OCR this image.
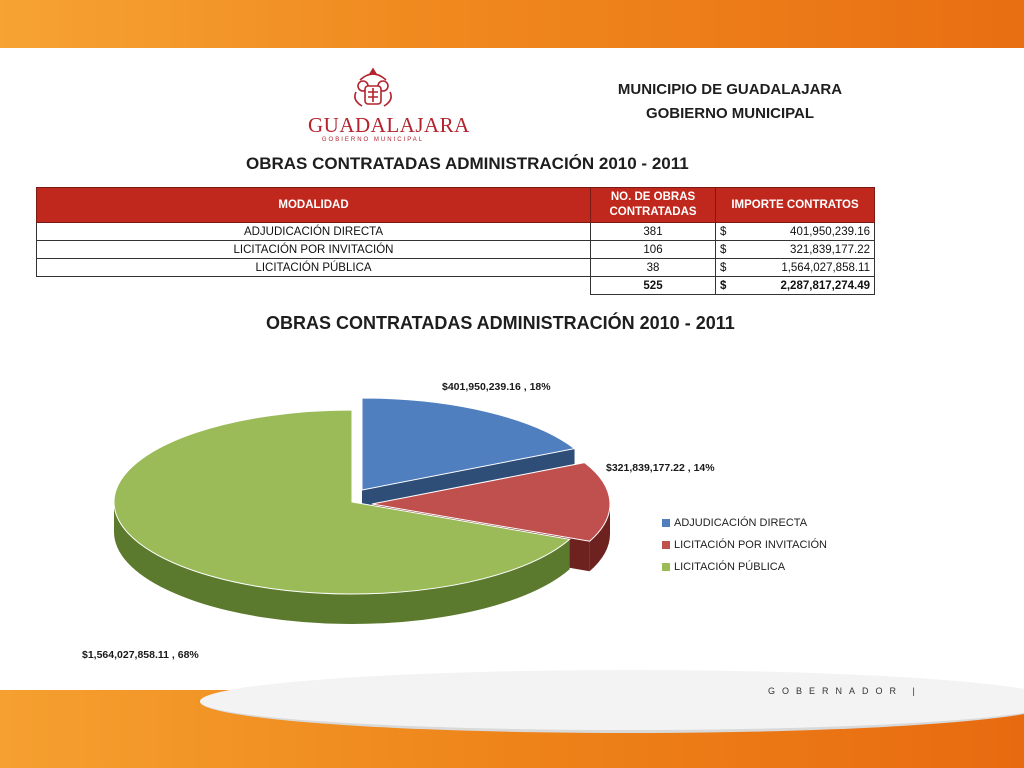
GOBERNADOR |
GUADALAJARA
GOBIERNO MUNICIPAL
MUNICIPIO DE GUADALAJARA
GOBIERNO MUNICIPAL
OBRAS CONTRATADAS ADMINISTRACIÓN 2010 - 2011
MODALIDAD	NO. DE OBRAS CONTRATADAS	IMPORTE CONTRATOS	
ADJUDICACIÓN DIRECTA	381	$	401,950,239.16
LICITACIÓN POR INVITACIÓN	106	$	321,839,177.22
LICITACIÓN PÚBLICA	38	$	1,564,027,858.11
	525	$	2,287,817,274.49
OBRAS CONTRATADAS ADMINISTRACIÓN 2010 - 2011
$401,950,239.16 , 18%
$321,839,177.22 , 14%
$1,564,027,858.11 , 68%
ADJUDICACIÓN DIRECTA
LICITACIÓN POR INVITACIÓN
LICITACIÓN PÚBLICA
